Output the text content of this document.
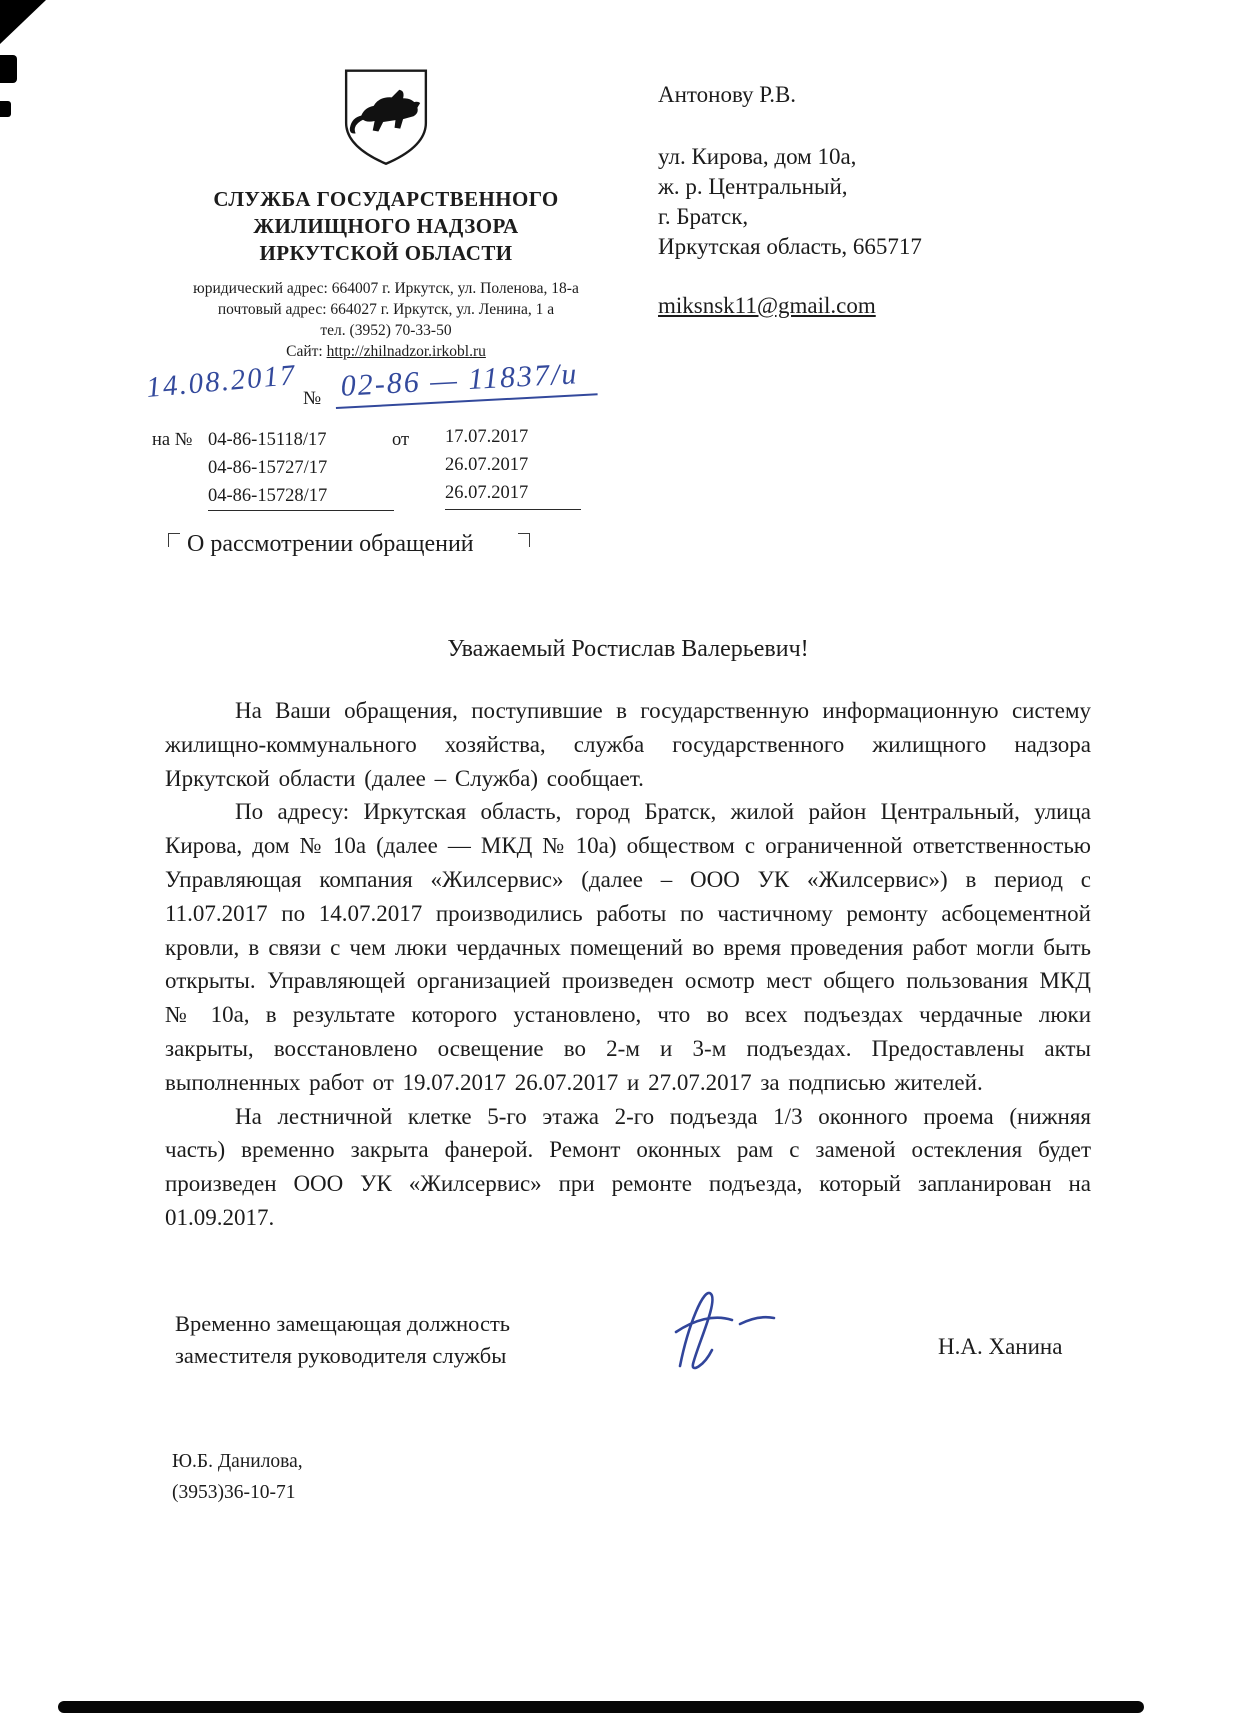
СЛУЖБА ГОСУДАРСТВЕННОГО
ЖИЛИЩНОГО НАДЗОРА
ИРКУТСКОЙ ОБЛАСТИ
юридический адрес: 664007 г. Иркутск, ул. Поленова, 18-а
почтовый адрес: 664027 г. Иркутск, ул. Ленина, 1 а
тел. (3952) 70-33-50
Сайт: http://zhilnadzor.irkobl.ru
14.08.2017 № 02-86 — 11837/и
на № 04-86-15118/17	от 17.07.2017
04-86-15727/17	26.07.2017
04-86-15728/17	26.07.2017
Антонову Р.В.
ул. Кирова, дом 10а,
ж. р. Центральный,
г. Братск,
Иркутская область, 665717
miksnsk11@gmail.com
О рассмотрении обращений
Уважаемый Ростислав Валерьевич!

На Ваши обращения, поступившие в государственную информационную систему жилищно-коммунального хозяйства, служба государственного жилищного надзора Иркутской области (далее – Служба) сообщает.

По адресу: Иркутская область, город Братск, жилой район Центральный, улица Кирова, дом № 10а (далее — МКД № 10а) обществом с ограниченной ответственностью Управляющая компания «Жилсервис» (далее – ООО УК «Жилсервис») в период с 11.07.2017 по 14.07.2017 производились работы по частичному ремонту асбоцементной кровли, в связи с чем люки чердачных помещений во время проведения работ могли быть открыты. Управляющей организацией произведен осмотр мест общего пользования МКД № 10а, в результате которого установлено, что во всех подъездах чердачные люки закрыты, восстановлено освещение во 2-м и 3-м подъездах. Предоставлены акты выполненных работ от 19.07.2017 26.07.2017 и 27.07.2017 за подписью жителей.

На лестничной клетке 5-го этажа 2-го подъезда 1/3 оконного проема (нижняя часть) временно закрыта фанерой. Ремонт оконных рам с заменой остекления будет произведен ООО УК «Жилсервис» при ремонте подъезда, который запланирован на 01.09.2017.

Временно замещающая должность
заместителя руководителя службы	Н.А. Ханина
Ю.Б. Данилова,
(3953)36-10-71
